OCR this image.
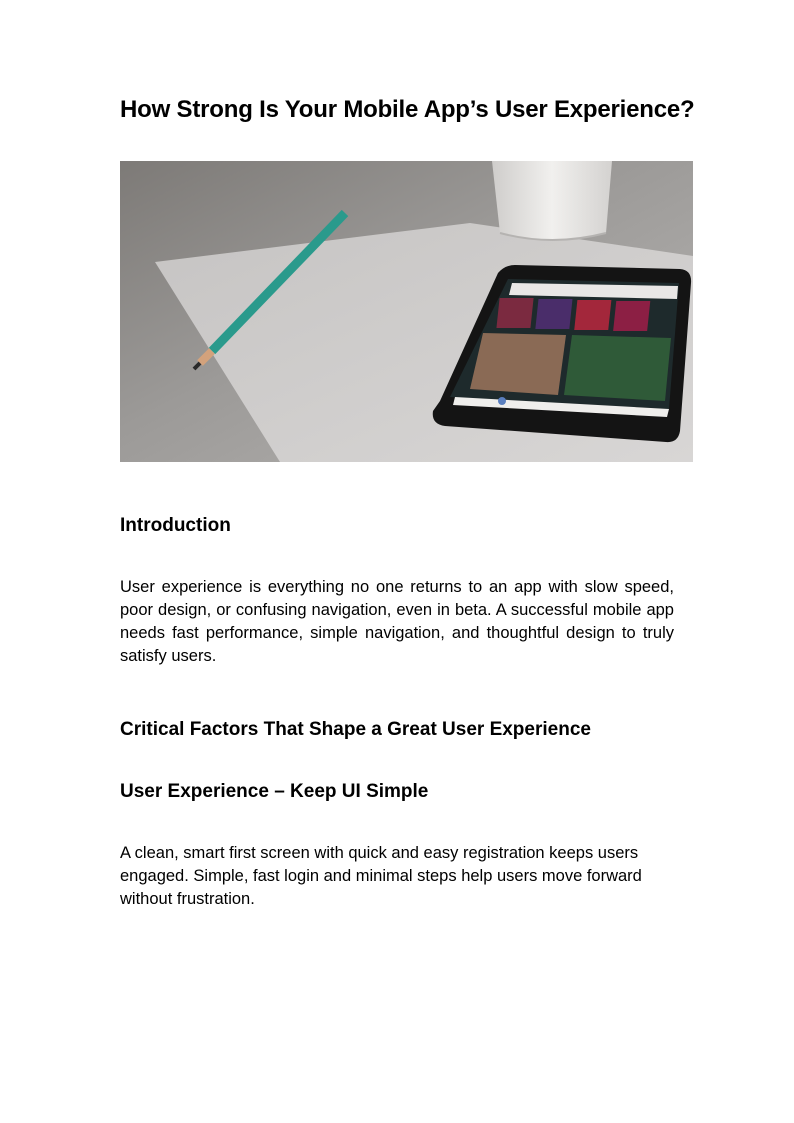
How Strong Is Your Mobile App’s User Experience?
Introduction

User experience is everything no one returns to an app with slow speed, poor design, or confusing navigation, even in beta. A successful mobile app needs fast performance, simple navigation, and thoughtful design to truly satisfy users.

Critical Factors That Shape a Great User Experience
User Experience – Keep UI Simple

A clean, smart first screen with quick and easy registration keeps users engaged. Simple, fast login and minimal steps help users move forward without frustration.
